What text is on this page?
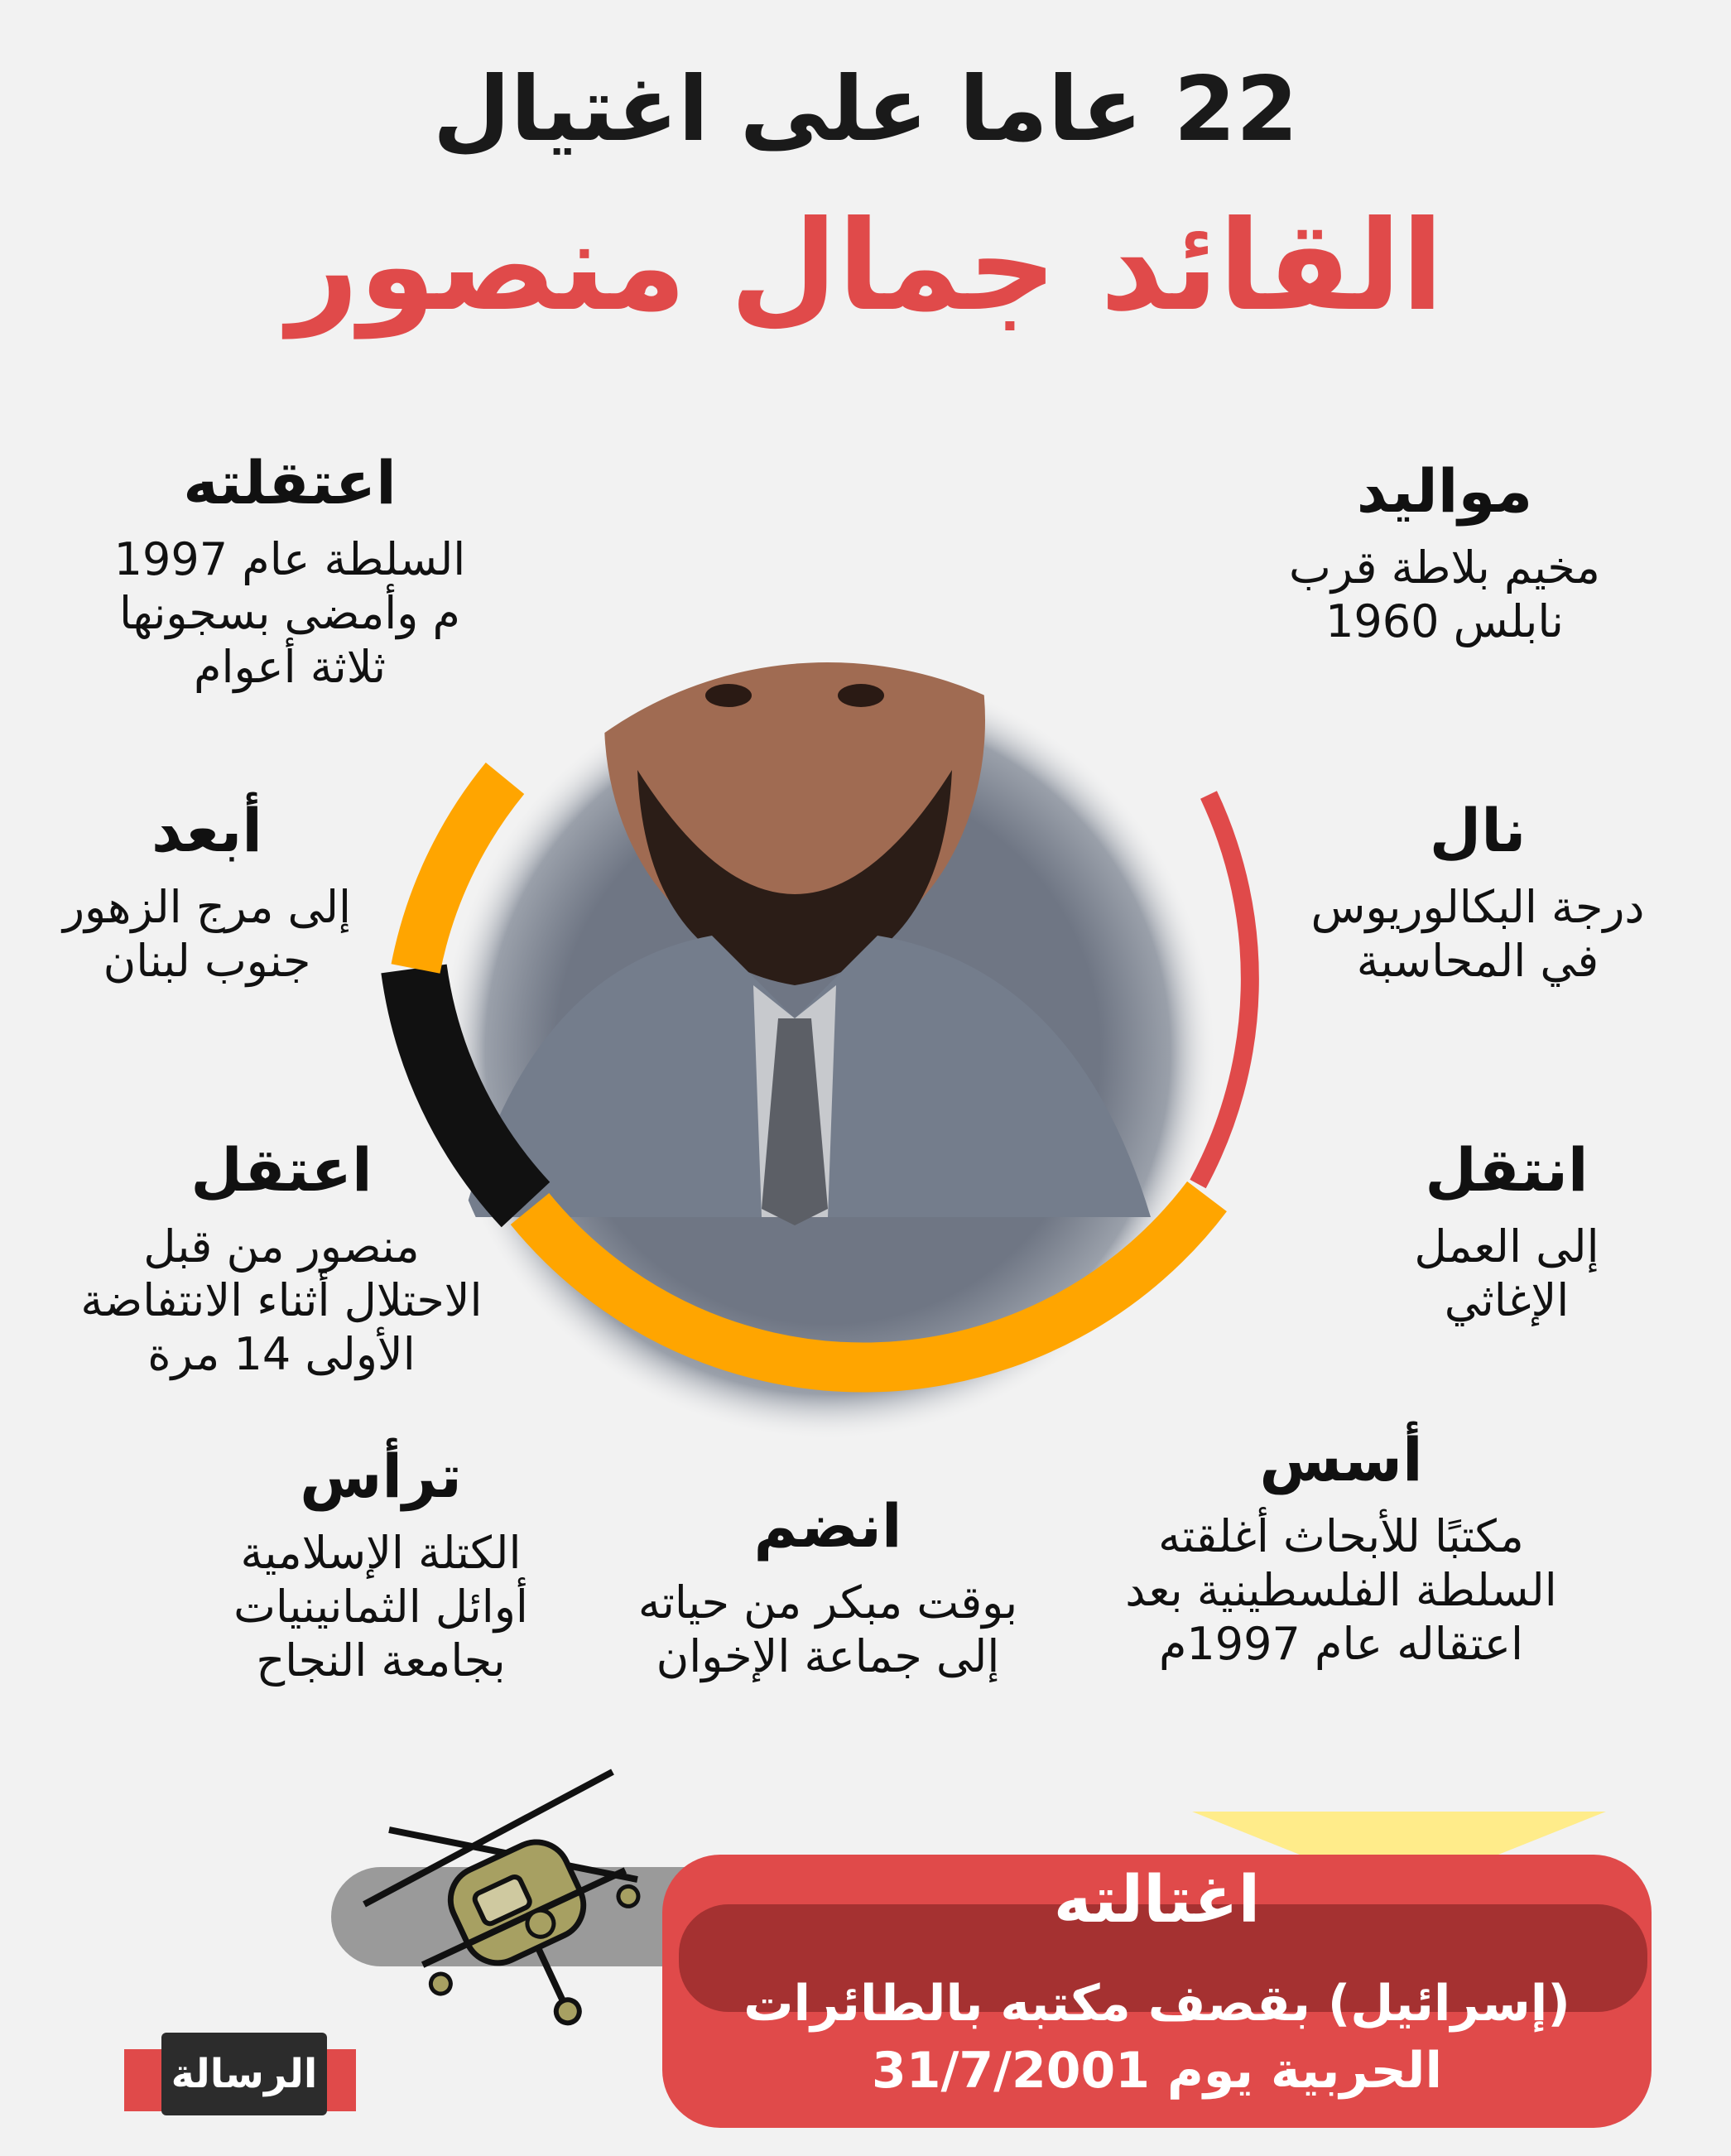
22 عاما على اغتيال
القائد جمال منصور
مواليد
مخيم بلاطة قرب
نابلس 1960
نال
درجة البكالوريوس
في المحاسبة
انتقل
إلى العمل
الإغاثي
أسس
مكتبًا للأبحاث أغلقته
السلطة الفلسطينية بعد
اعتقاله عام 1997م
انضم
بوقت مبكر من حياته
إلى جماعة الإخوان
اعتقلته
السلطة عام 1997
م وأمضى بسجونها
ثلاثة أعوام
أبعد
إلى مرج الزهور
جنوب لبنان
اعتقل
منصور من قبل
الاحتلال أثناء الانتفاضة
الأولى 14 مرة
ترأس
الكتلة الإسلامية
أوائل الثمانينيات
بجامعة النجاح
اغتالته
(إسرائيل) بقصف مكتبه بالطائرات
الحربية يوم 31/7/2001
الرسالة
